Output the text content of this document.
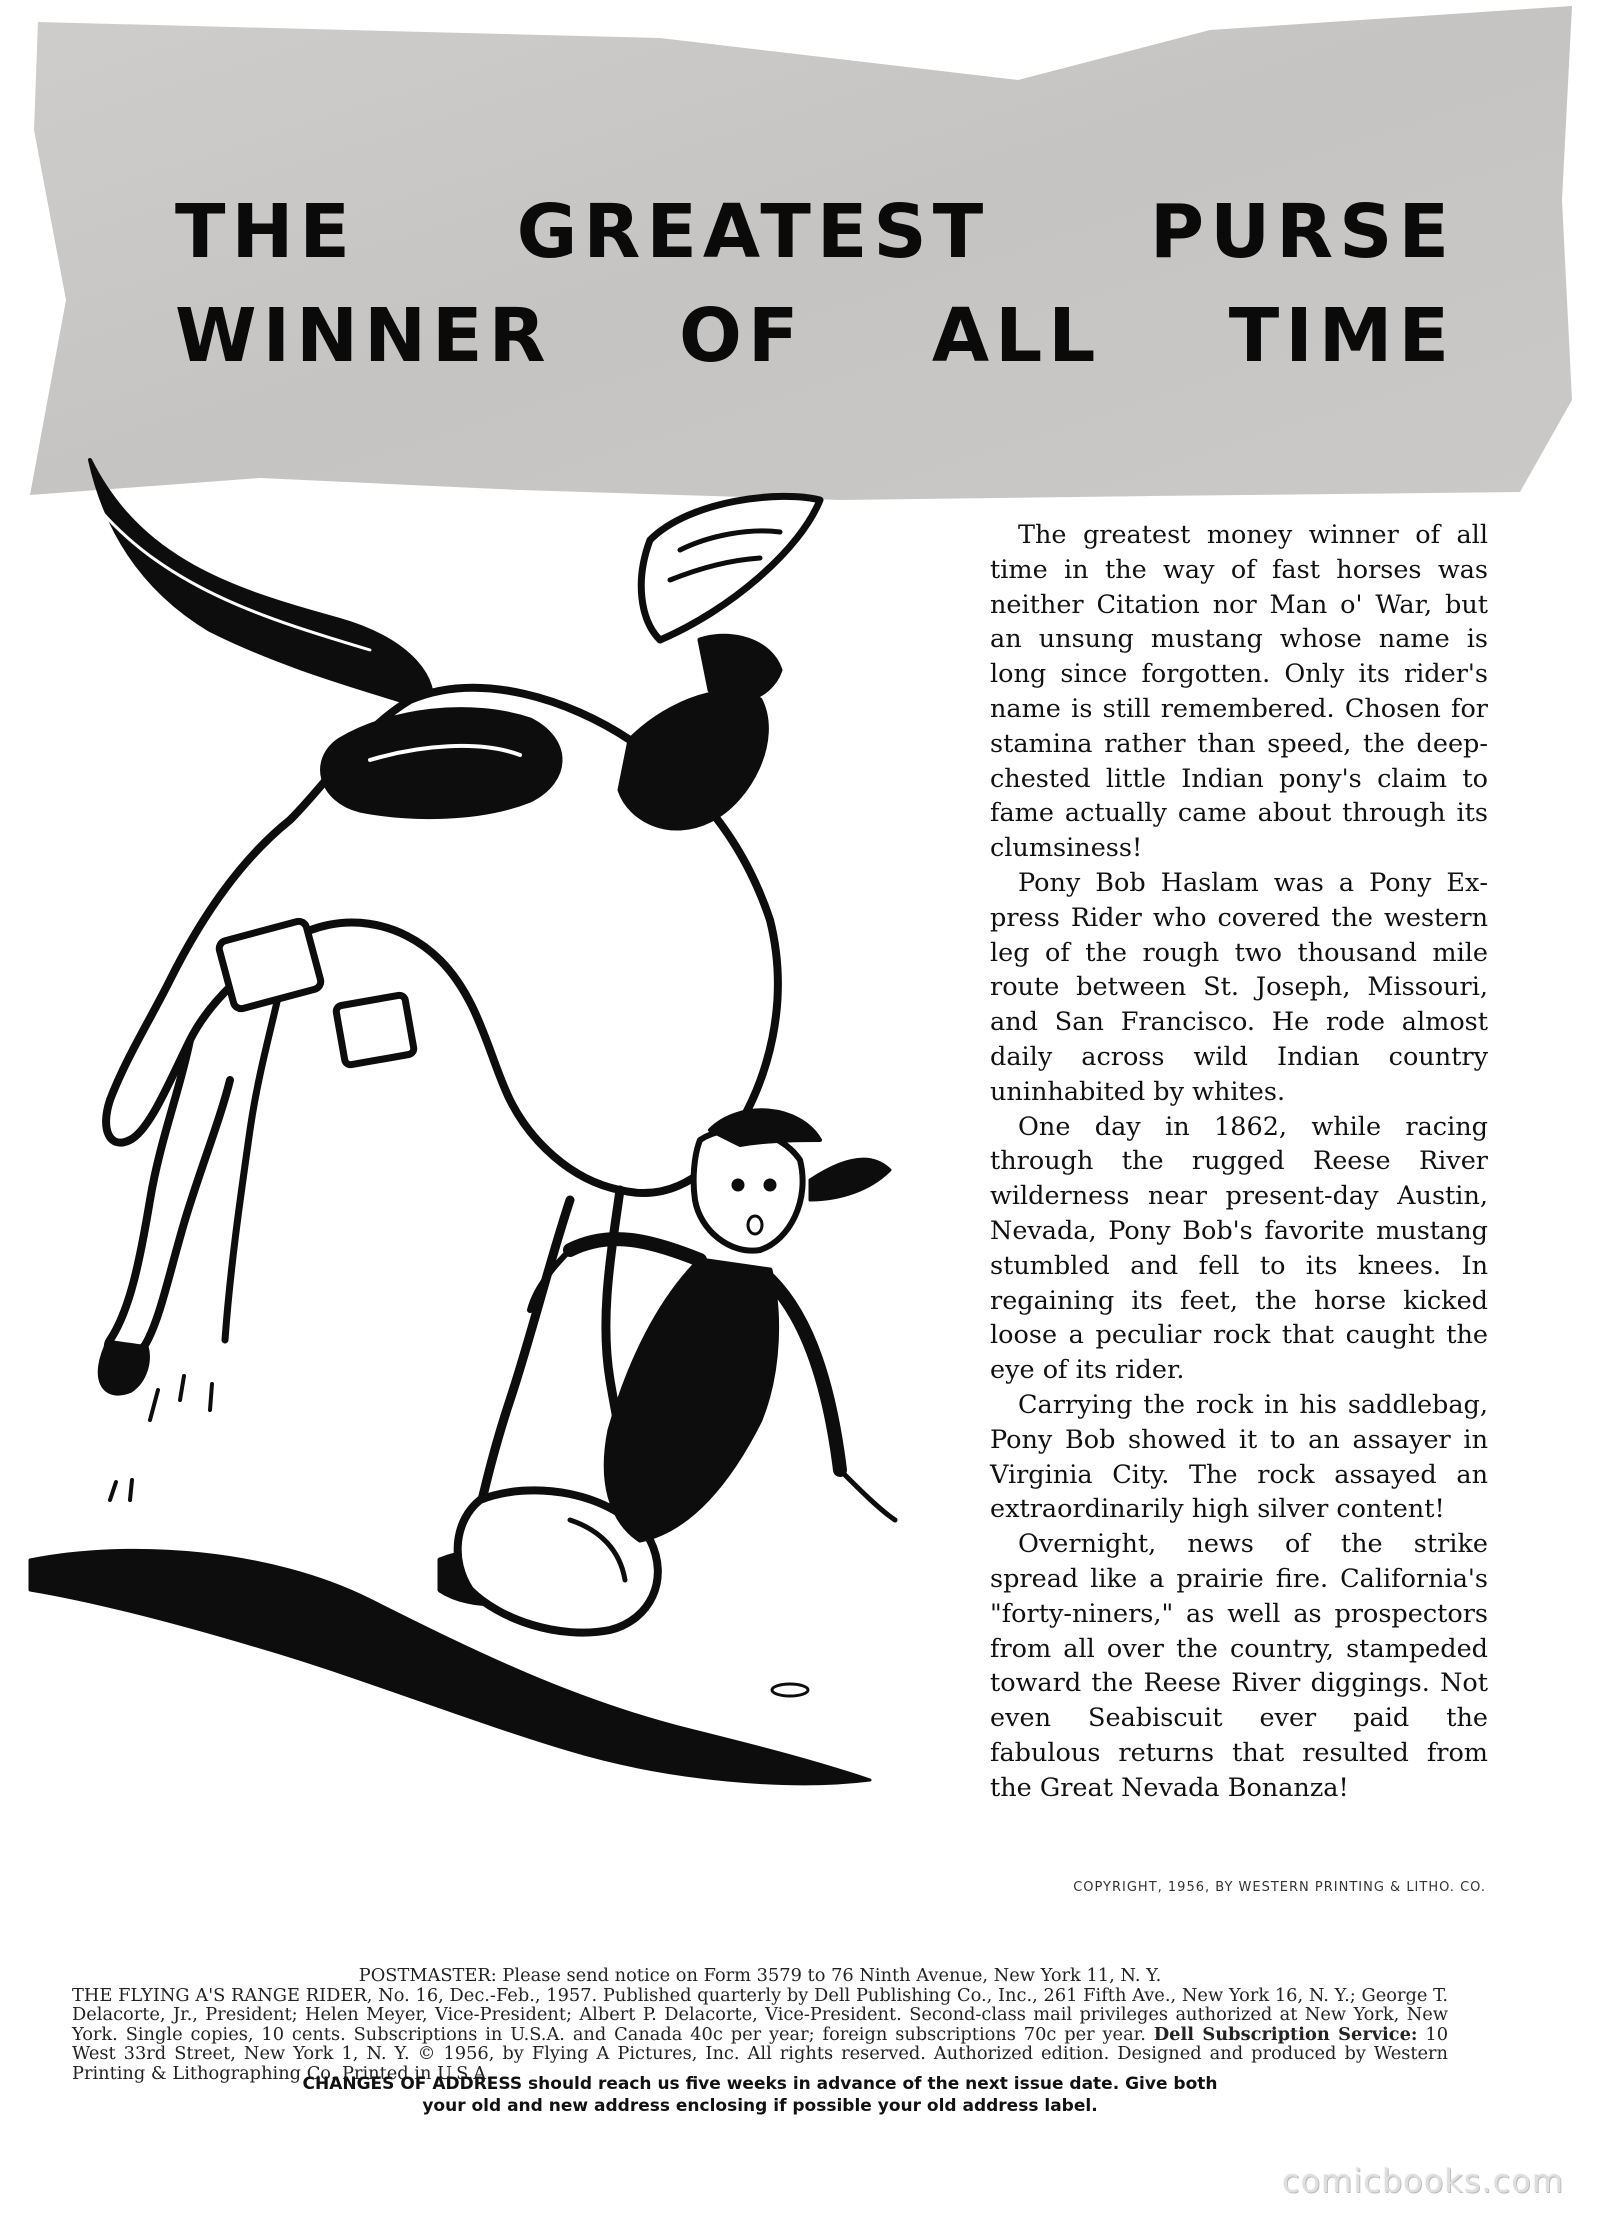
THE GREATEST PURSE
WINNER OF ALL TIME

The greatest money winner of all time in the way of fast horses was neither Citation nor Man o' War, but an unsung mustang whose name is long since forgotten. Only its rider's name is still remembered. Chosen for stamina rather than speed, the deep-chested little Indian pony's claim to fame actually came about through its clumsiness!

Pony Bob Haslam was a Pony Express Rider who covered the western leg of the rough two thousand mile route between St. Joseph, Missouri, and San Francisco. He rode almost daily across wild Indian country uninhabited by whites.

One day in 1862, while racing through the rugged Reese River wilderness near present-day Austin, Nevada, Pony Bob's favorite mustang stumbled and fell to its knees. In regaining its feet, the horse kicked loose a peculiar rock that caught the eye of its rider.

Carrying the rock in his saddlebag, Pony Bob showed it to an assayer in Virginia City. The rock assayed an extraordinarily high silver content!

Overnight, news of the strike spread like a prairie fire. California's "forty-niners," as well as prospectors from all over the country, stampeded toward the Reese River diggings. Not even Seabiscuit ever paid the fabulous returns that resulted from the Great Nevada Bonanza!

COPYRIGHT, 1956, BY WESTERN PRINTING & LITHO. CO.
POSTMASTER: Please send notice on Form 3579 to 76 Ninth Avenue, New York 11, N. Y.
THE FLYING A'S RANGE RIDER, No. 16, Dec.-Feb., 1957. Published quarterly by Dell Publishing Co., Inc., 261 Fifth Ave., New York 16, N. Y.; George T. Delacorte, Jr., President; Helen Meyer, Vice-President; Albert P. Delacorte, Vice-President. Second-class mail privileges authorized at New York, New York. Single copies, 10 cents. Subscriptions in U.S.A. and Canada 40c per year; foreign subscriptions 70c per year. Dell Subscription Service: 10 West 33rd Street, New York 1, N. Y. © 1956, by Flying A Pictures, Inc. All rights reserved. Authorized edition. Designed and produced by Western Printing & Lithographing Co. Printed in U.S.A.
CHANGES OF ADDRESS should reach us five weeks in advance of the next issue date. Give both
your old and new address enclosing if possible your old address label.
comicbooks.com
